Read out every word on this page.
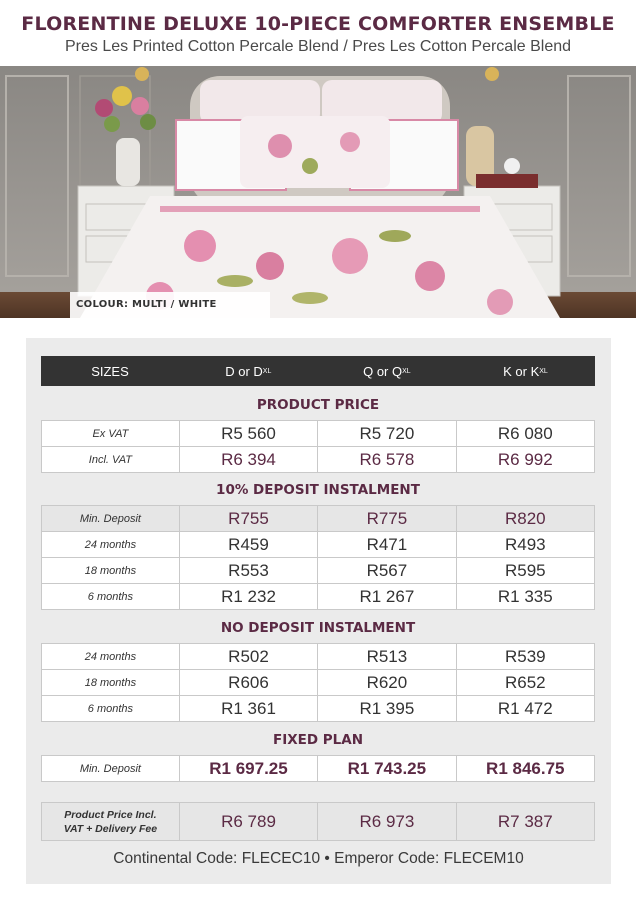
FLORENTINE DELUXE 10-PIECE COMFORTER ENSEMBLE
Pres Les Printed Cotton Percale Blend / Pres Les Cotton Percale Blend
COLOUR: MULTI / WHITE
SIZES	D or D XL	Q or Q XL	K or K XL
PRODUCT PRICE
Ex VAT	R5 560	R5 720	R6 080
Incl. VAT	R6 394	R6 578	R6 992
10% DEPOSIT INSTALMENT
Min. Deposit	R755	R775	R820
24 months	R459	R471	R493
18 months	R553	R567	R595
6 months	R1 232	R1 267	R1 335
NO DEPOSIT INSTALMENT
24 months	R502	R513	R539
18 months	R606	R620	R652
6 months	R1 361	R1 395	R1 472
FIXED PLAN
Min. Deposit	R1 697.25	R1 743.25	R1 846.75
Product Price Incl.
VAT + Delivery Fee	R6 789	R6 973	R7 387
Continental Code: FLECEC10 • Emperor Code: FLECEM10
